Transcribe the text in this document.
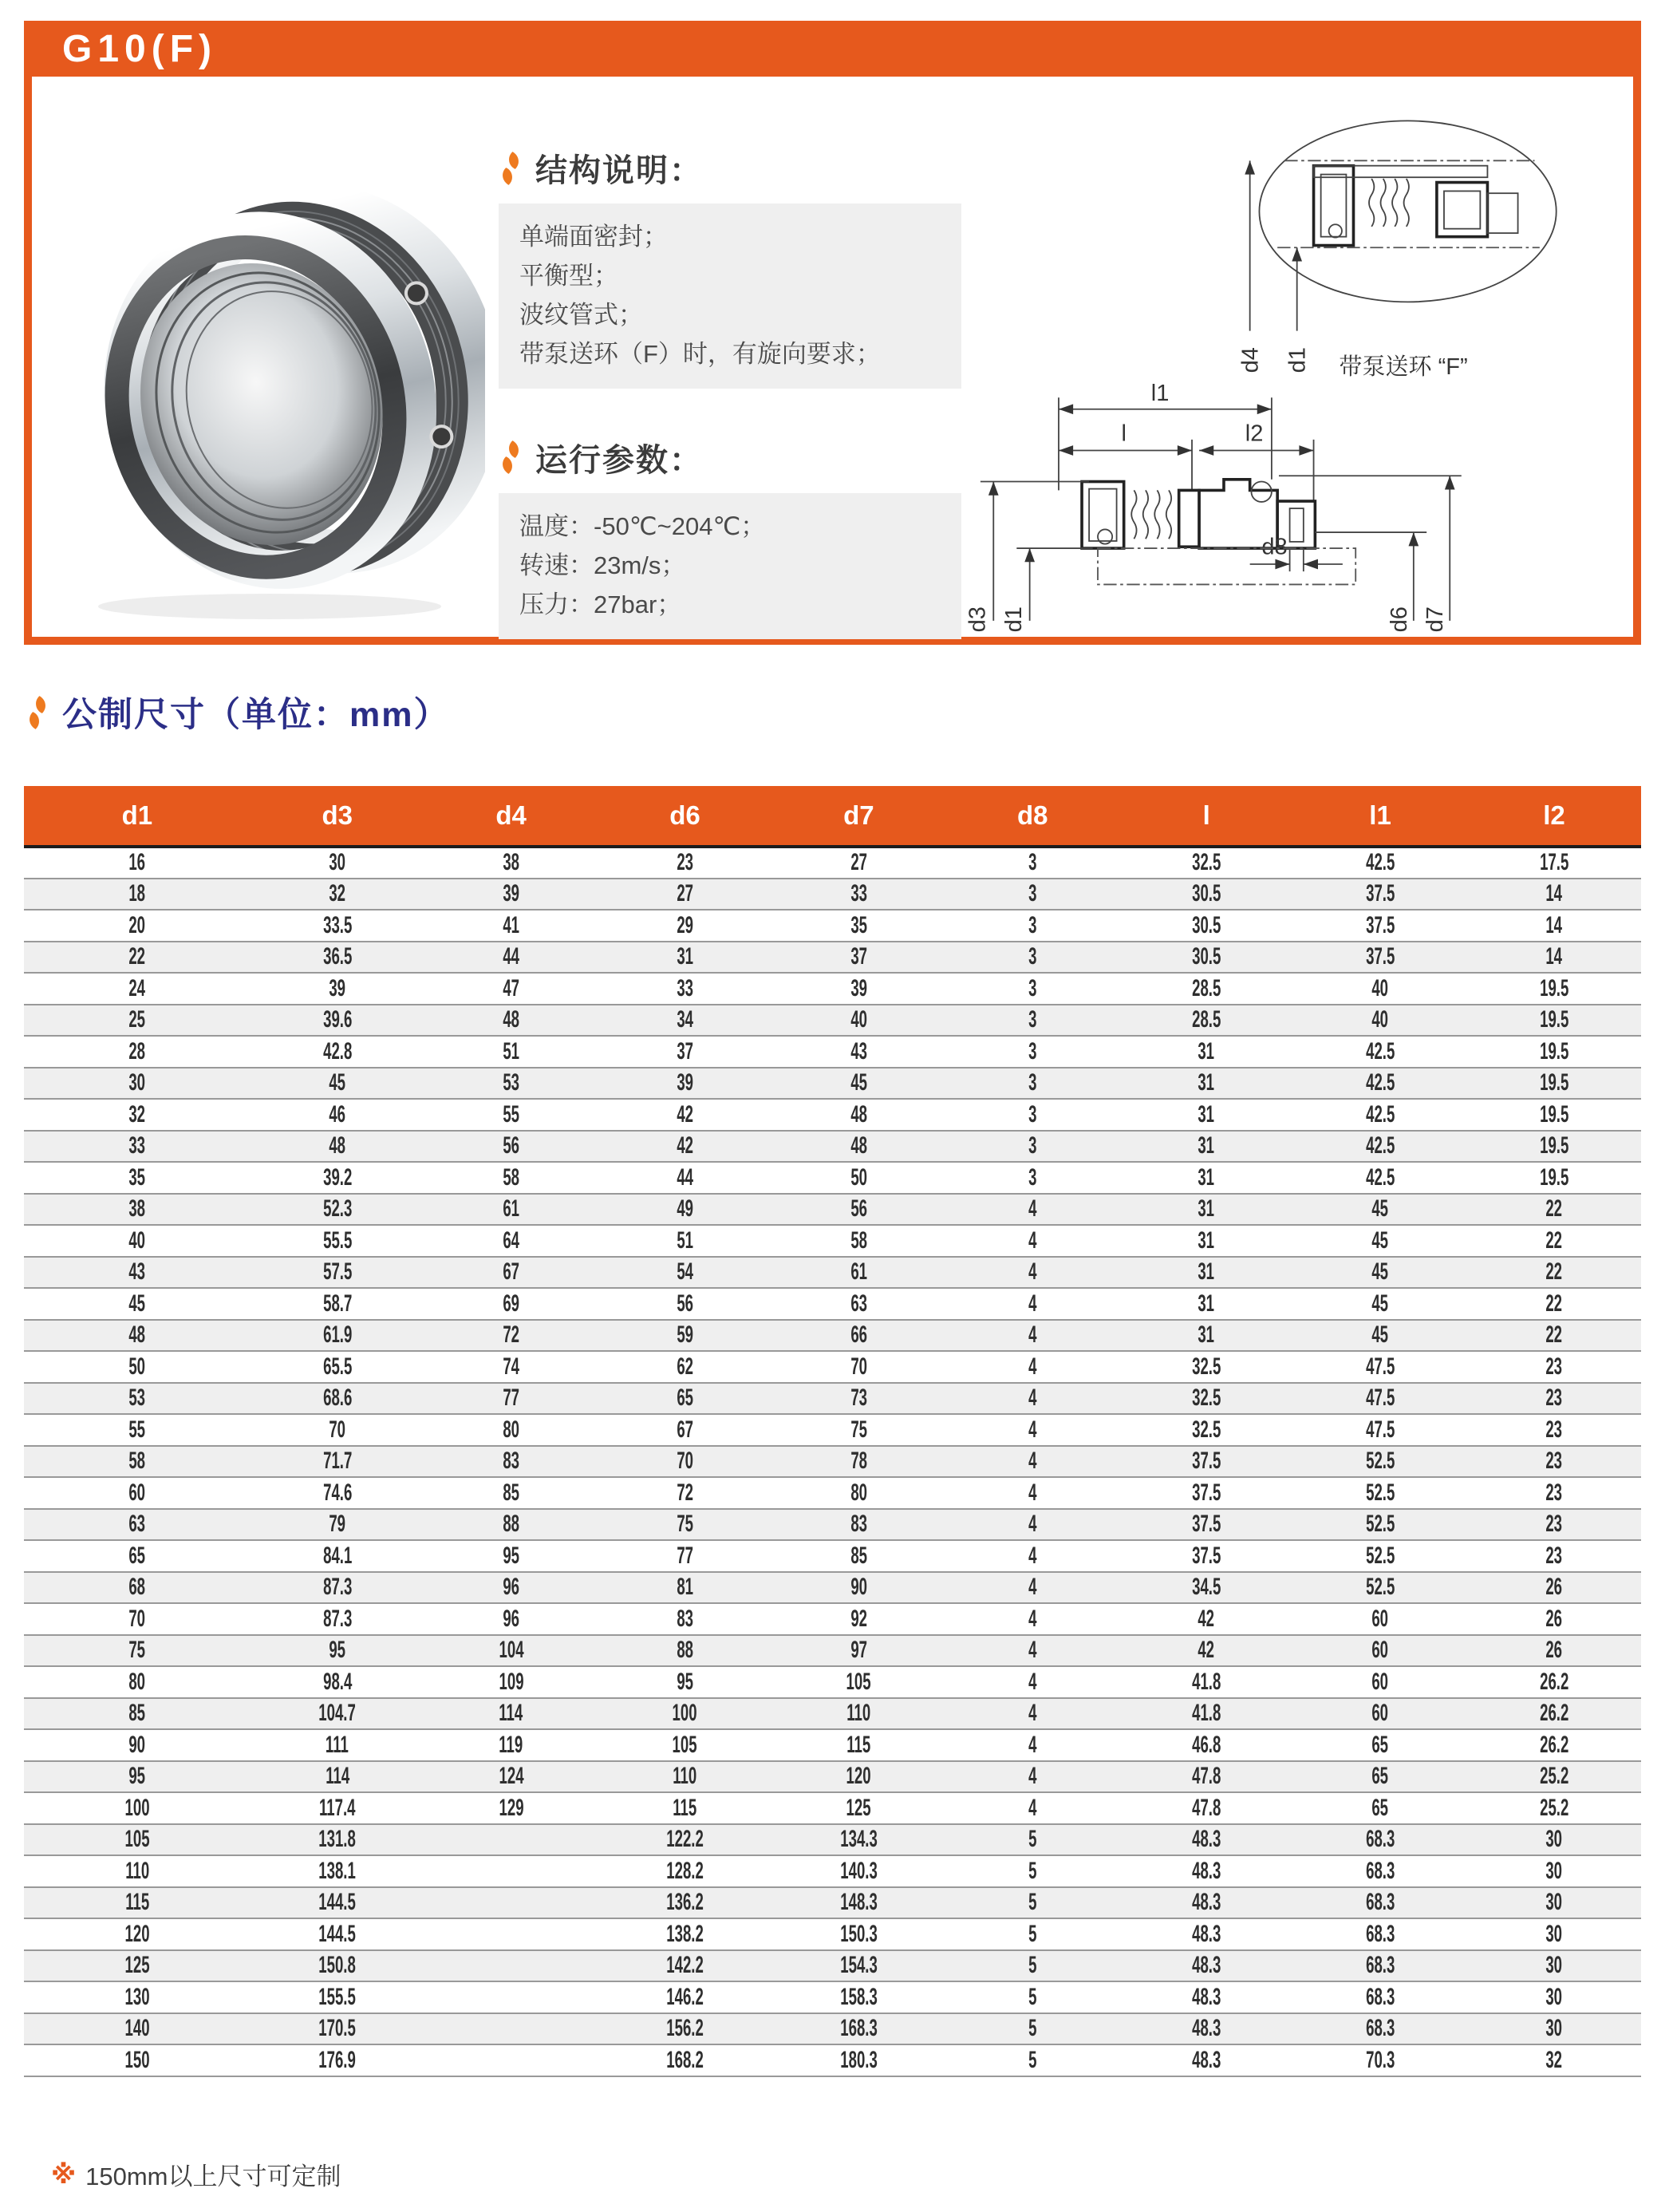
G10(F)
结构说明：
单端面密封；
平衡型；
波纹管式；
带泵送环（F）时，有旋向要求；
运行参数：
温度：-50℃~204℃；
转速：23m/s；
压力：27bar；
d4 d1 带泵送环 “F”
l1
l	l2
d8
d3 d1	d6 d7
公制尺寸（单位：mm）
d1	d3	d4	d6	d7	d8	l	l1	l2
16	30	38	23	27	3	32.5	42.5	17.5
18	32	39	27	33	3	30.5	37.5	14
20	33.5	41	29	35	3	30.5	37.5	14
22	36.5	44	31	37	3	30.5	37.5	14
24	39	47	33	39	3	28.5	40	19.5
25	39.6	48	34	40	3	28.5	40	19.5
28	42.8	51	37	43	3	31	42.5	19.5
30	45	53	39	45	3	31	42.5	19.5
32	46	55	42	48	3	31	42.5	19.5
33	48	56	42	48	3	31	42.5	19.5
35	39.2	58	44	50	3	31	42.5	19.5
38	52.3	61	49	56	4	31	45	22
40	55.5	64	51	58	4	31	45	22
43	57.5	67	54	61	4	31	45	22
45	58.7	69	56	63	4	31	45	22
48	61.9	72	59	66	4	31	45	22
50	65.5	74	62	70	4	32.5	47.5	23
53	68.6	77	65	73	4	32.5	47.5	23
55	70	80	67	75	4	32.5	47.5	23
58	71.7	83	70	78	4	37.5	52.5	23
60	74.6	85	72	80	4	37.5	52.5	23
63	79	88	75	83	4	37.5	52.5	23
65	84.1	95	77	85	4	37.5	52.5	23
68	87.3	96	81	90	4	34.5	52.5	26
70	87.3	96	83	92	4	42	60	26
75	95	104	88	97	4	42	60	26
80	98.4	109	95	105	4	41.8	60	26.2
85	104.7	114	100	110	4	41.8	60	26.2
90	111	119	105	115	4	46.8	65	26.2
95	114	124	110	120	4	47.8	65	25.2
100	117.4	129	115	125	4	47.8	65	25.2
105	131.8		122.2	134.3	5	48.3	68.3	30
110	138.1		128.2	140.3	5	48.3	68.3	30
115	144.5		136.2	148.3	5	48.3	68.3	30
120	144.5		138.2	150.3	5	48.3	68.3	30
125	150.8		142.2	154.3	5	48.3	68.3	30
130	155.5		146.2	158.3	5	48.3	68.3	30
140	170.5		156.2	168.3	5	48.3	68.3	30
150	176.9		168.2	180.3	5	48.3	70.3	32
※ 150mm以上尺寸可定制
